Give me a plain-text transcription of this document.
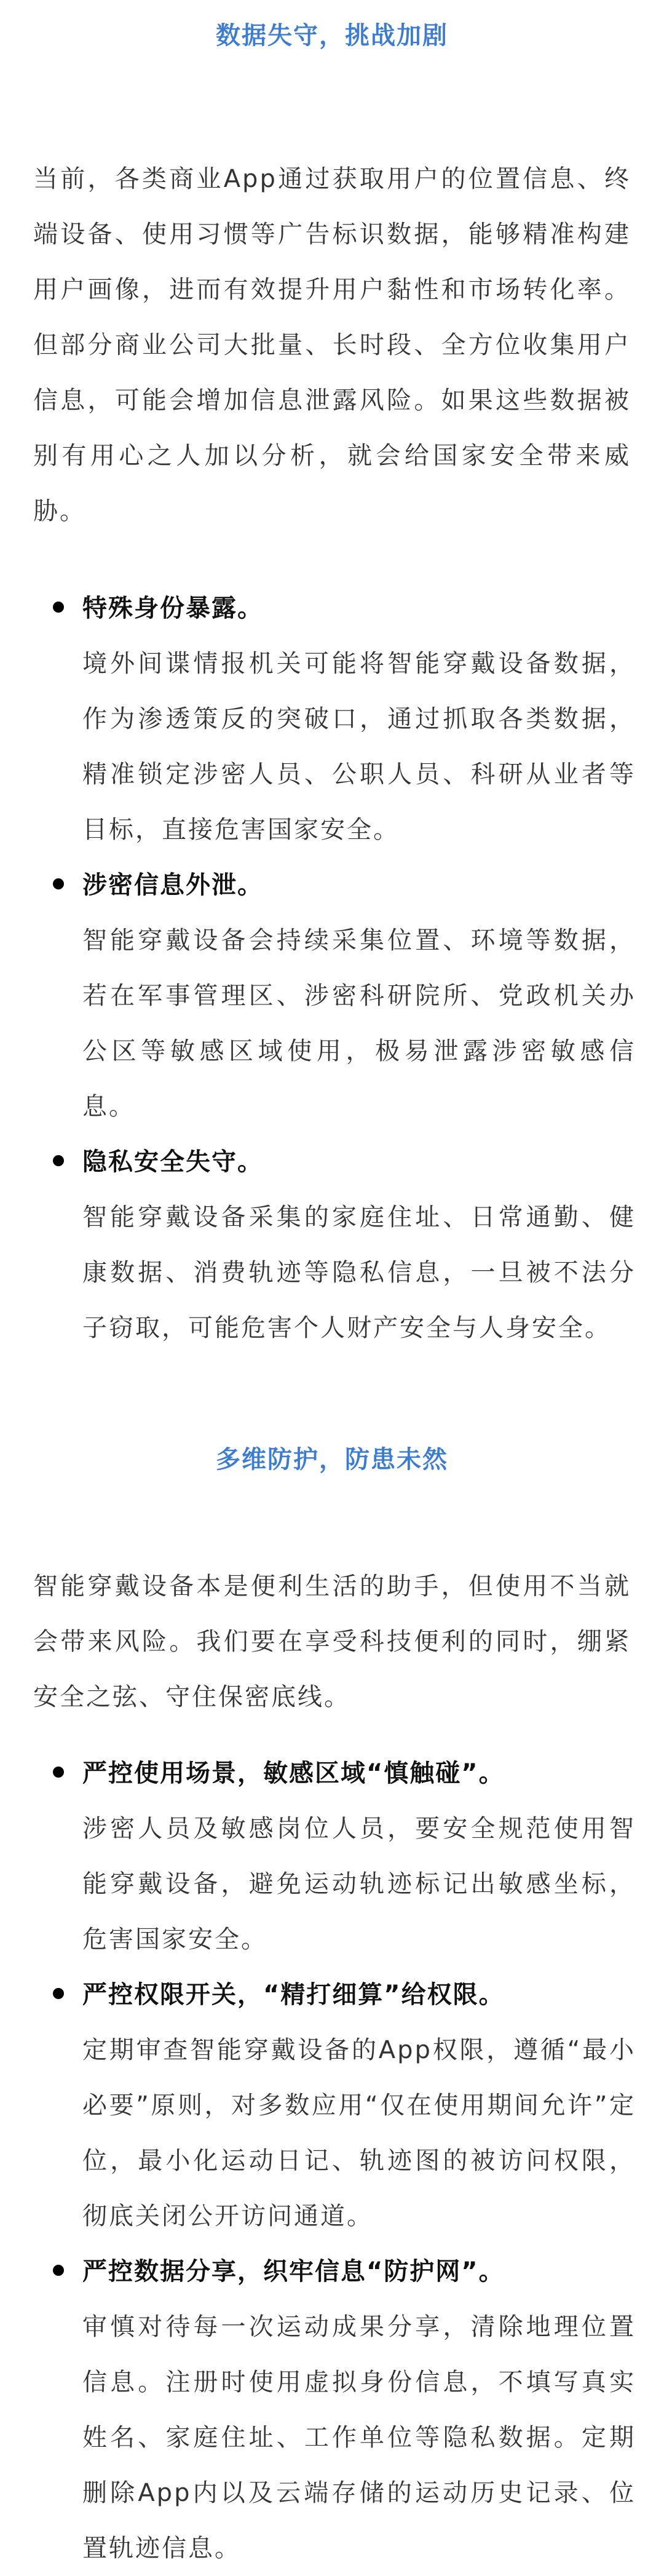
数据失守，挑战加剧

当前，各类商业App通过获取用户的位置信息、终端设备、使用习惯等广告标识数据，能够精准构建用户画像，进而有效提升用户黏性和市场转化率。但部分商业公司大批量、长时段、全方位收集用户信息，可能会增加信息泄露风险。如果这些数据被别有用心之人加以分析，就会给国家安全带来威胁。

特殊身份暴露。
境外间谍情报机关可能将智能穿戴设备数据，作为渗透策反的突破口，通过抓取各类数据，精准锁定涉密人员、公职人员、科研从业者等目标，直接危害国家安全。
涉密信息外泄。
智能穿戴设备会持续采集位置、环境等数据，若在军事管理区、涉密科研院所、党政机关办公区等敏感区域使用，极易泄露涉密敏感信息。
隐私安全失守。
智能穿戴设备采集的家庭住址、日常通勤、健康数据、消费轨迹等隐私信息，一旦被不法分子窃取，可能危害个人财产安全与人身安全。
多维防护，防患未然

智能穿戴设备本是便利生活的助手，但使用不当就会带来风险。我们要在享受科技便利的同时，绷紧安全之弦、守住保密底线。

严控使用场景，敏感区域“慎触碰”。
涉密人员及敏感岗位人员，要安全规范使用智能穿戴设备，避免运动轨迹标记出敏感坐标，危害国家安全。
严控权限开关，“精打细算”给权限。
定期审查智能穿戴设备的App权限，遵循“最小必要”原则，对多数应用“仅在使用期间允许”定位，最小化运动日记、轨迹图的被访问权限，彻底关闭公开访问通道。
严控数据分享，织牢信息“防护网”。
审慎对待每一次运动成果分享，清除地理位置信息。注册时使用虚拟身份信息，不填写真实姓名、家庭住址、工作单位等隐私数据。定期删除App内以及云端存储的运动历史记录、位置轨迹信息。
